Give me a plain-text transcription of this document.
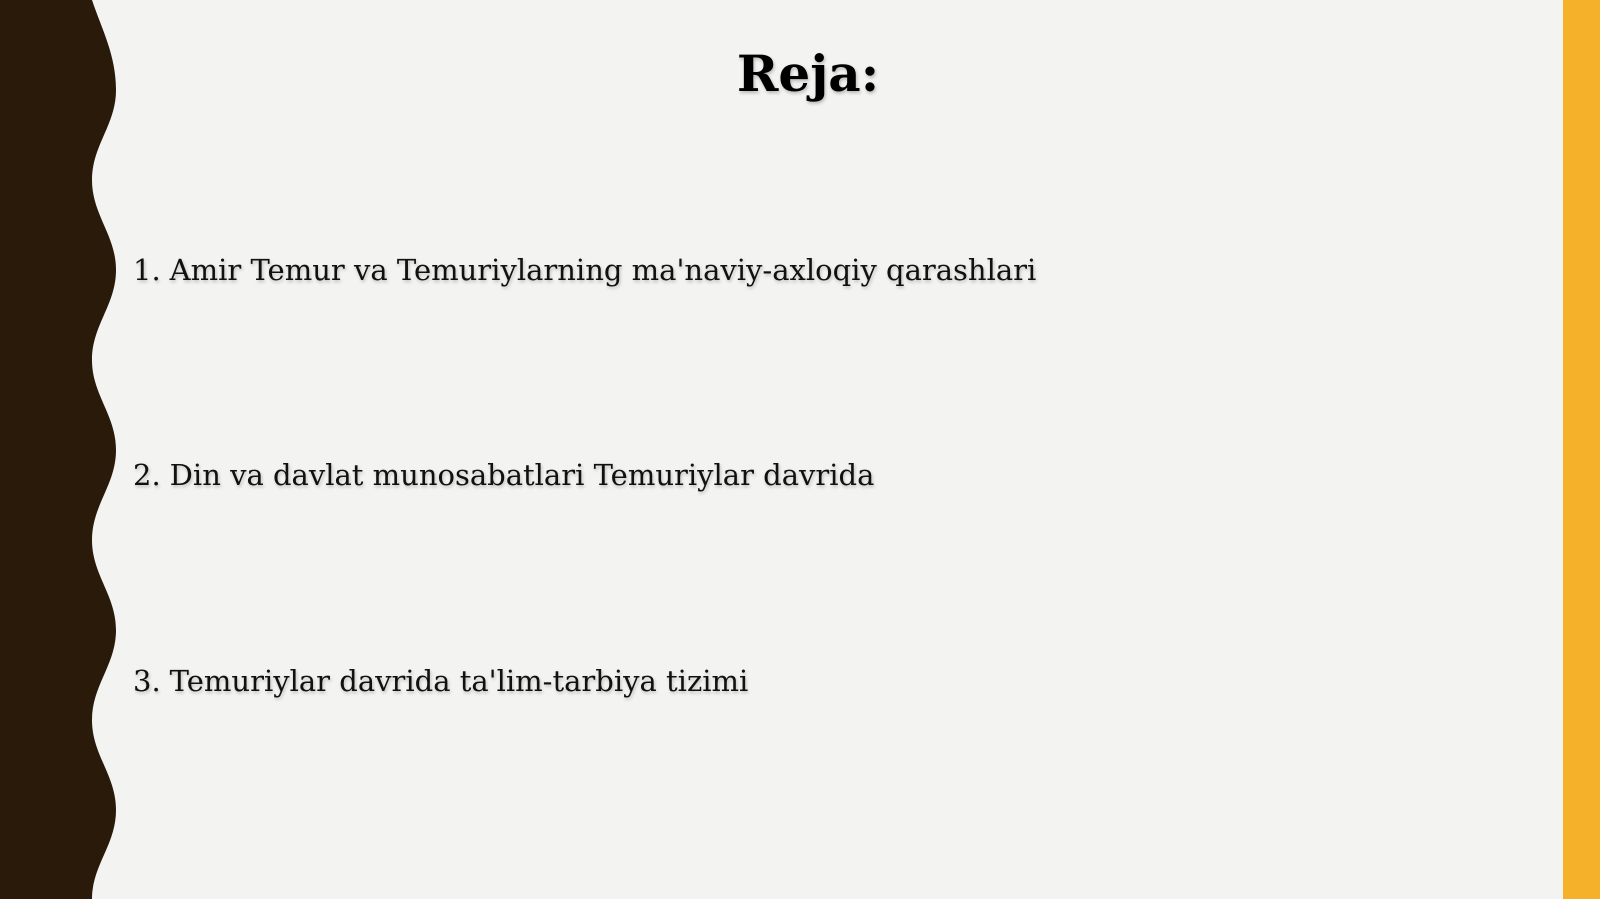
Reja:
1. Amir Temur va Temuriylarning ma'naviy-axloqiy qarashlari
2. Din va davlat munosabatlari Temuriylar davrida
3. Temuriylar davrida ta'lim-tarbiya tizimi
